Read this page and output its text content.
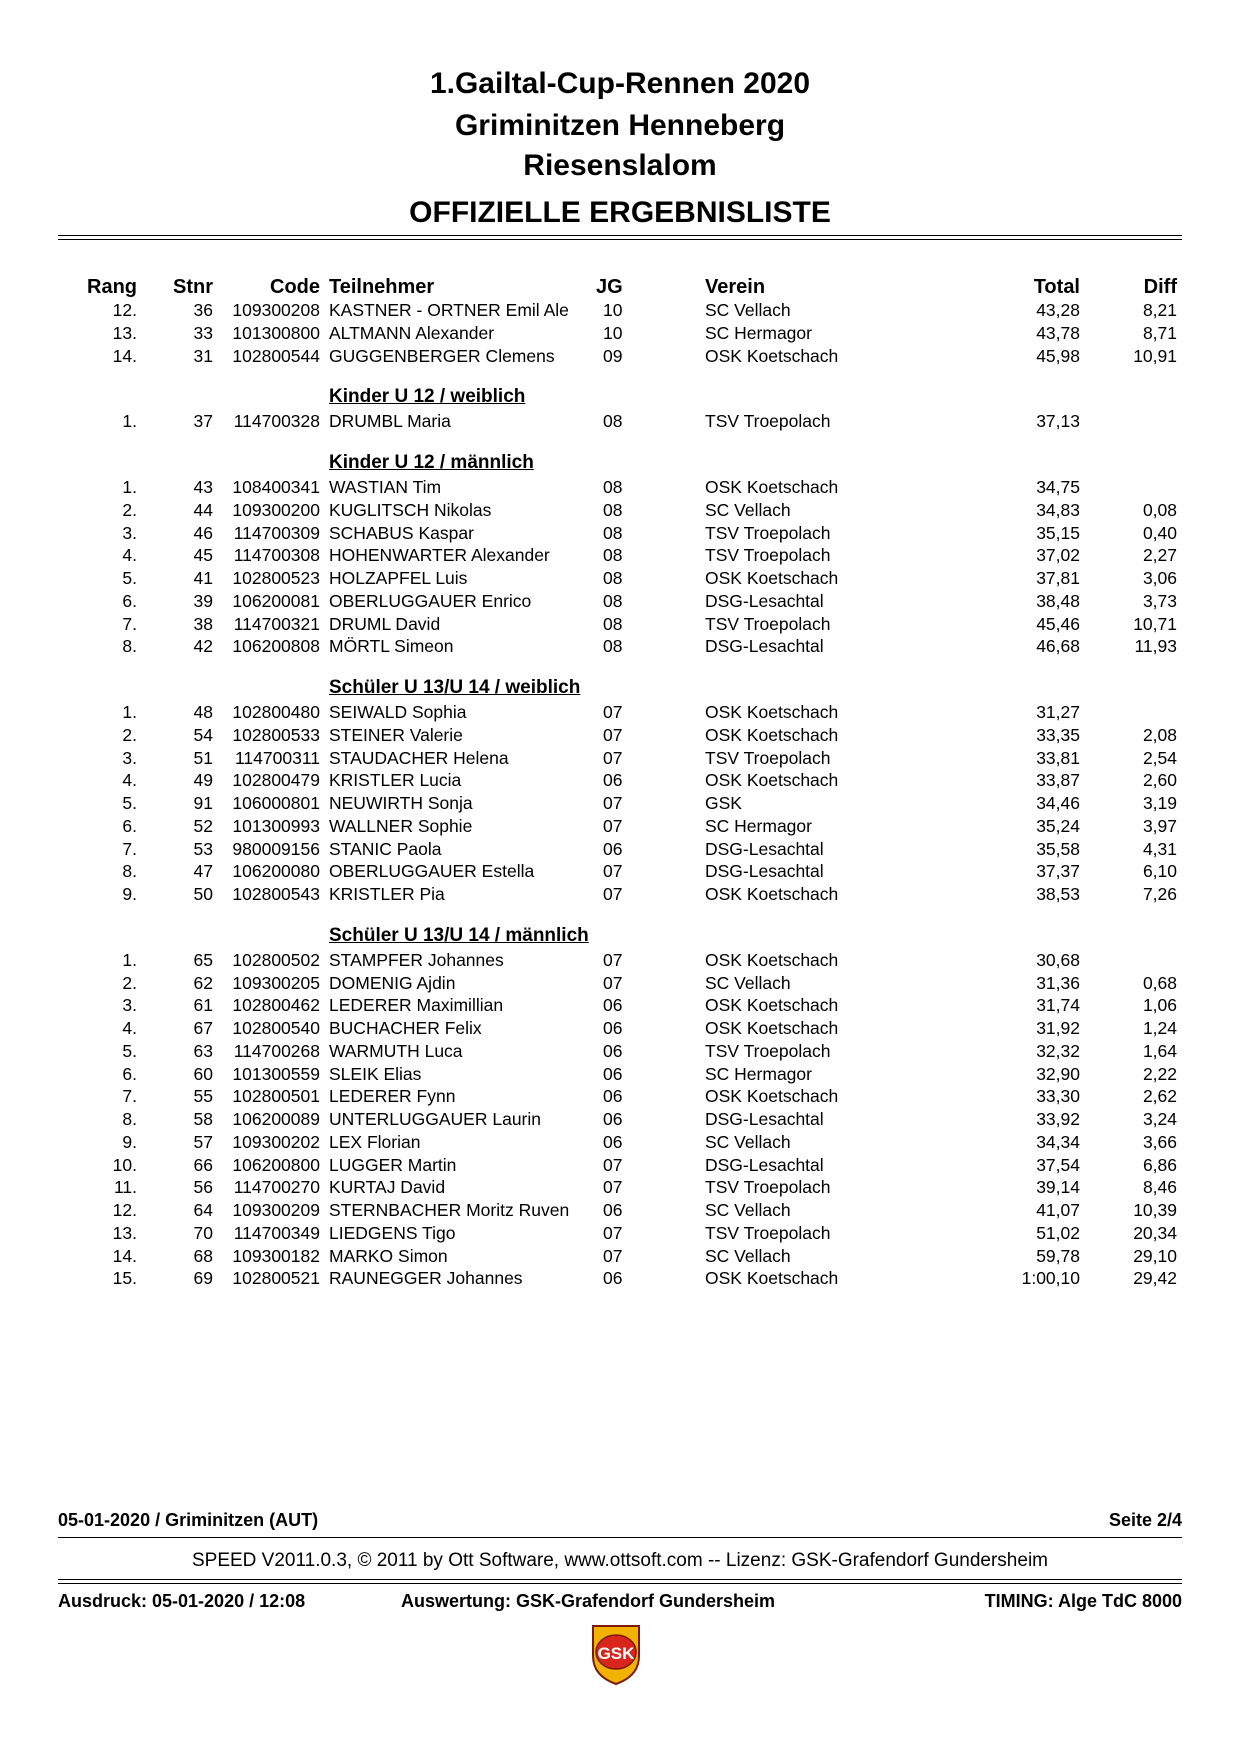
1.Gailtal-Cup-Rennen 2020
Griminitzen Henneberg
Riesenslalom
OFFIZIELLE ERGEBNISLISTE
Rang	Stnr	Code Teilnehmer	JG	Verein	Total	Diff
12.	36	109300208 KASTNER - ORTNER Emil Ale	10	SC Vellach	43,28	8,21
13.	33	101300800 ALTMANN Alexander	10	SC Hermagor	43,78	8,71
14.	31	102800544 GUGGENBERGER Clemens	09	OSK Koetschach	45,98	10,91
Kinder U 12 / weiblich
1.	37	114700328 DRUMBL Maria	08	TSV Troepolach	37,13
Kinder U 12 / männlich
1.	43	108400341 WASTIAN Tim	08	OSK Koetschach	34,75
2.	44	109300200 KUGLITSCH Nikolas	08	SC Vellach	34,83	0,08
3.	46	114700309 SCHABUS Kaspar	08	TSV Troepolach	35,15	0,40
4.	45	114700308 HOHENWARTER Alexander	08	TSV Troepolach	37,02	2,27
5.	41	102800523 HOLZAPFEL Luis	08	OSK Koetschach	37,81	3,06
6.	39	106200081 OBERLUGGAUER Enrico	08	DSG-Lesachtal	38,48	3,73
7.	38	114700321 DRUML David	08	TSV Troepolach	45,46	10,71
8.	42	106200808 MÖRTL Simeon	08	DSG-Lesachtal	46,68	11,93
Schüler U 13/U 14 / weiblich
1.	48	102800480 SEIWALD Sophia	07	OSK Koetschach	31,27
2.	54	102800533 STEINER Valerie	07	OSK Koetschach	33,35	2,08
3.	51	114700311 STAUDACHER Helena	07	TSV Troepolach	33,81	2,54
4.	49	102800479 KRISTLER Lucia	06	OSK Koetschach	33,87	2,60
5.	91	106000801 NEUWIRTH Sonja	07	GSK	34,46	3,19
6.	52	101300993 WALLNER Sophie	07	SC Hermagor	35,24	3,97
7.	53	980009156 STANIC Paola	06	DSG-Lesachtal	35,58	4,31
8.	47	106200080 OBERLUGGAUER Estella	07	DSG-Lesachtal	37,37	6,10
9.	50	102800543 KRISTLER Pia	07	OSK Koetschach	38,53	7,26
Schüler U 13/U 14 / männlich
1.	65	102800502 STAMPFER Johannes	07	OSK Koetschach	30,68
2.	62	109300205 DOMENIG Ajdin	07	SC Vellach	31,36	0,68
3.	61	102800462 LEDERER Maximillian	06	OSK Koetschach	31,74	1,06
4.	67	102800540 BUCHACHER Felix	06	OSK Koetschach	31,92	1,24
5.	63	114700268 WARMUTH Luca	06	TSV Troepolach	32,32	1,64
6.	60	101300559 SLEIK Elias	06	SC Hermagor	32,90	2,22
7.	55	102800501 LEDERER Fynn	06	OSK Koetschach	33,30	2,62
8.	58	106200089 UNTERLUGGAUER Laurin	06	DSG-Lesachtal	33,92	3,24
9.	57	109300202 LEX Florian	06	SC Vellach	34,34	3,66
10.	66	106200800 LUGGER Martin	07	DSG-Lesachtal	37,54	6,86
11.	56	114700270 KURTAJ David	07	TSV Troepolach	39,14	8,46
12.	64	109300209 STERNBACHER Moritz Ruven	06	SC Vellach	41,07	10,39
13.	70	114700349 LIEDGENS Tigo	07	TSV Troepolach	51,02	20,34
14.	68	109300182 MARKO Simon	07	SC Vellach	59,78	29,10
15.	69	102800521 RAUNEGGER Johannes	06	OSK Koetschach	1:00,10	29,42
05-01-2020 / Griminitzen (AUT)	Seite 2/4
SPEED V2011.0.3, © 2011 by Ott Software, www.ottsoft.com -- Lizenz: GSK-Grafendorf Gundersheim
Ausdruck: 05-01-2020 / 12:08	Auswertung: GSK-Grafendorf Gundersheim	TIMING: Alge TdC 8000
GSK
